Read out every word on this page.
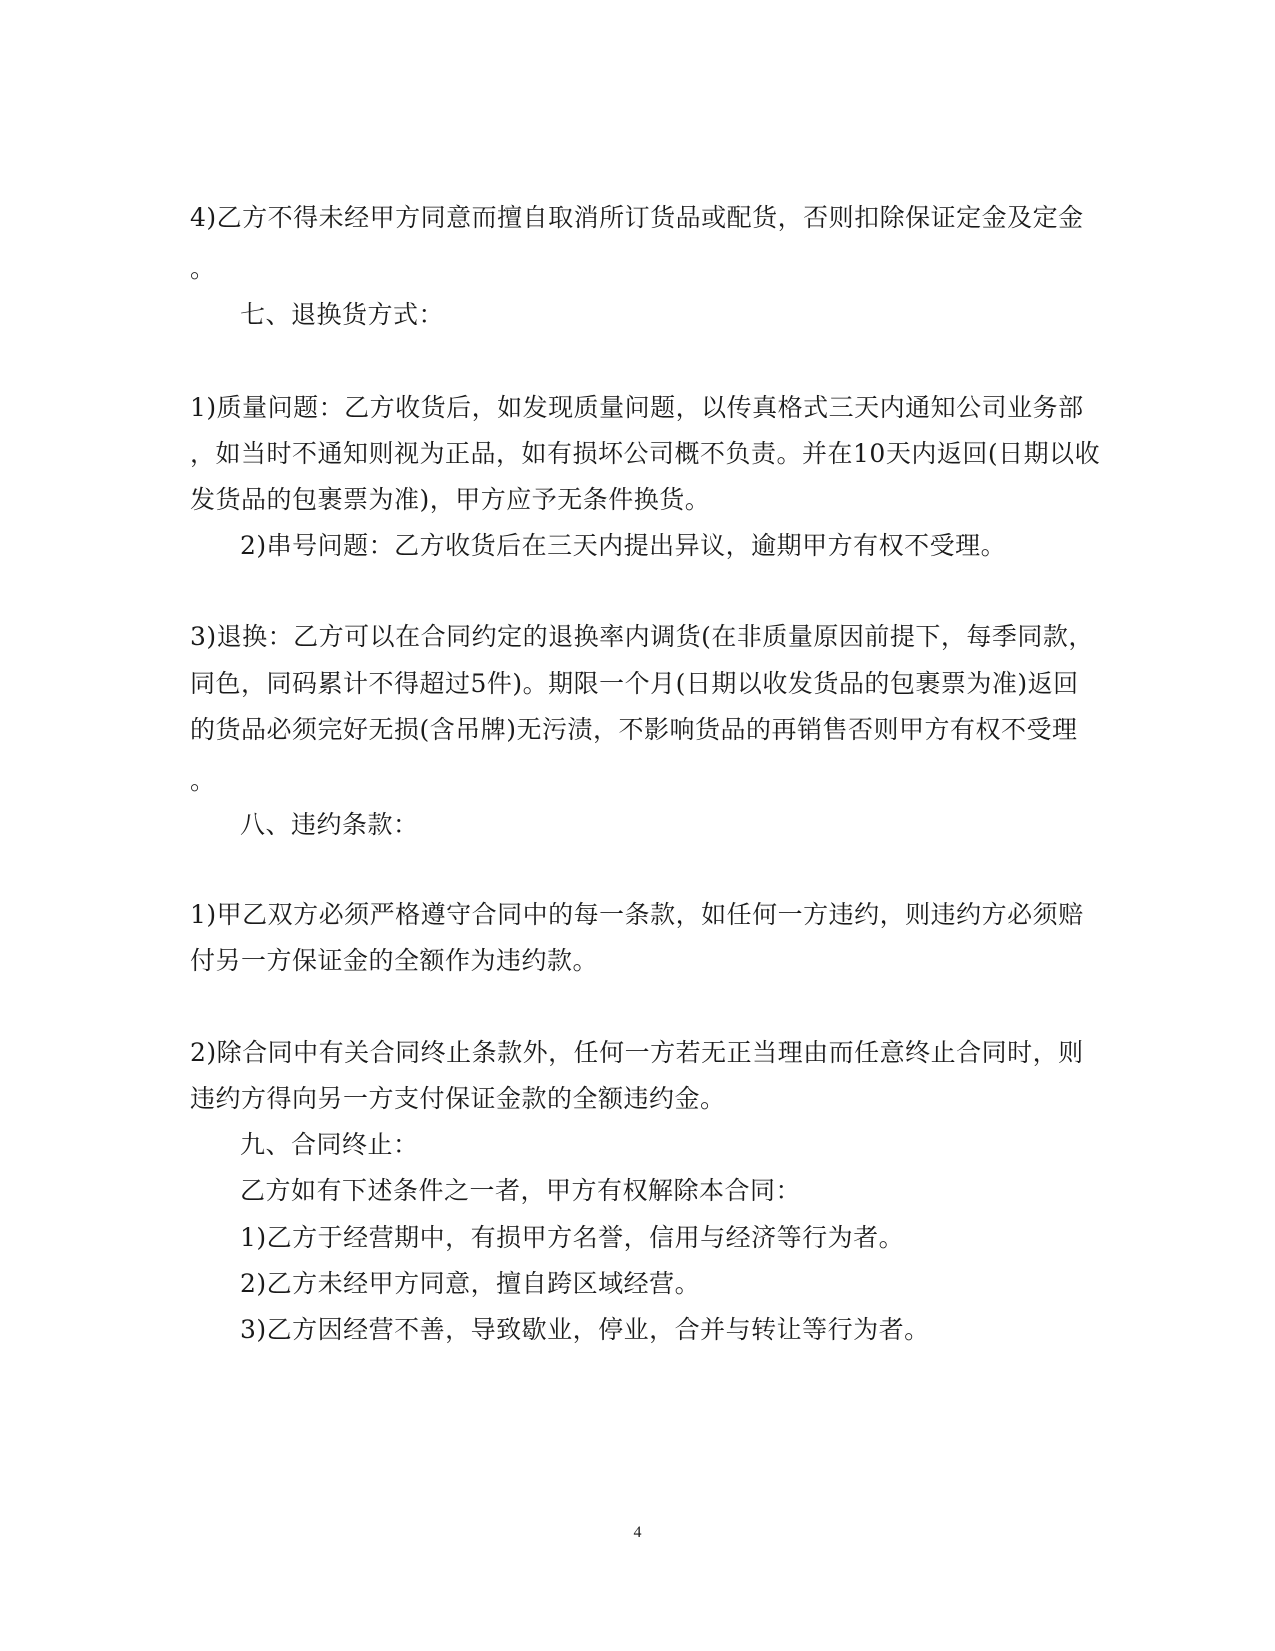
4)乙方不得未经甲方同意而擅自取消所订货品或配货，否则扣除保证定金及定金
。
七、退换货方式：
1)质量问题：乙方收货后，如发现质量问题，以传真格式三天内通知公司业务部
，如当时不通知则视为正品，如有损坏公司概不负责。并在10天内返回(日期以收
发货品的包裹票为准)，甲方应予无条件换货。
2)串号问题：乙方收货后在三天内提出异议，逾期甲方有权不受理。
3)退换：乙方可以在合同约定的退换率内调货(在非质量原因前提下，每季同款，
同色，同码累计不得超过5件)。期限一个月(日期以收发货品的包裹票为准)返回
的货品必须完好无损(含吊牌)无污渍，不影响货品的再销售否则甲方有权不受理
。
八、违约条款：
1)甲乙双方必须严格遵守合同中的每一条款，如任何一方违约，则违约方必须赔
付另一方保证金的全额作为违约款。
2)除合同中有关合同终止条款外，任何一方若无正当理由而任意终止合同时，则
违约方得向另一方支付保证金款的全额违约金。
九、合同终止：
乙方如有下述条件之一者，甲方有权解除本合同：
1)乙方于经营期中，有损甲方名誉，信用与经济等行为者。
2)乙方未经甲方同意，擅自跨区域经营。
3)乙方因经营不善，导致歇业，停业，合并与转让等行为者。
4
